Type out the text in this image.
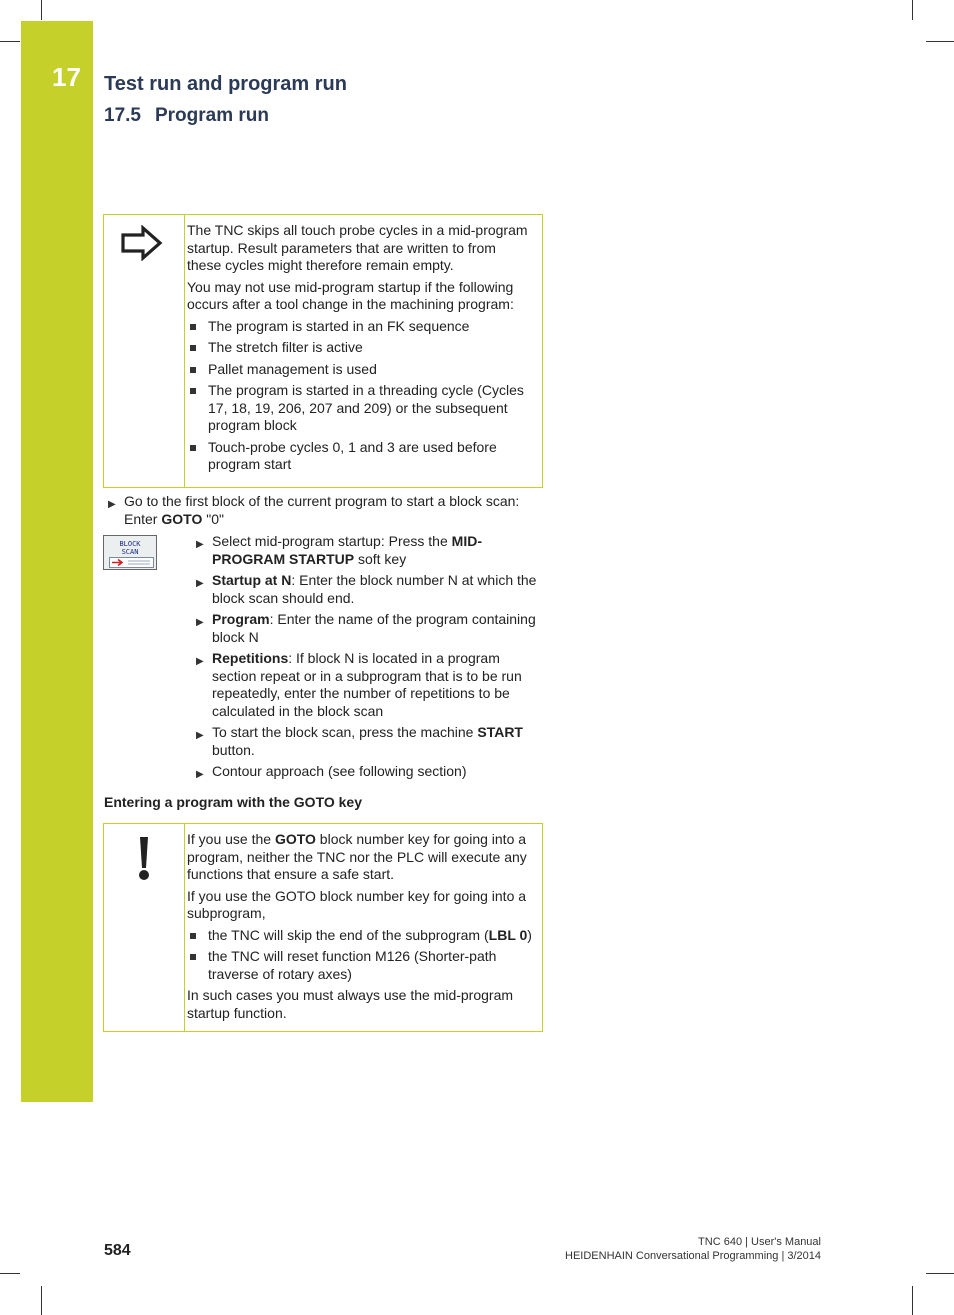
17 Test run and program run
17.5 Program run

The TNC skips all touch probe cycles in a mid-program startup. Result parameters that are written to from these cycles might therefore remain empty.

You may not use mid-program startup if the following occurs after a tool change in the machining program:

The program is started in an FK sequence
The stretch filter is active
Pallet management is used
The program is started in a threading cycle (Cycles 17, 18, 19, 206, 207 and 209) or the subsequent program block
Touch-probe cycles 0, 1 and 3 are used before program start
▶ Go to the first block of the current program to start a block scan: Enter GOTO "0"
BLOCK
SCAN
▶ Select mid-program startup: Press the MID-PROGRAM STARTUP soft key
▶ Startup at N: Enter the block number N at which the block scan should end.
▶ Program: Enter the name of the program containing block N
▶ Repetitions: If block N is located in a program section repeat or in a subprogram that is to be run repeatedly, enter the number of repetitions to be calculated in the block scan
▶ To start the block scan, press the machine START button.
▶ Contour approach (see following section)
Entering a program with the GOTO key

If you use the GOTO block number key for going into a program, neither the TNC nor the PLC will execute any functions that ensure a safe start.

If you use the GOTO block number key for going into a subprogram,

the TNC will skip the end of the subprogram (LBL 0)
the TNC will reset function M126 (Shorter-path traverse of rotary axes)

In such cases you must always use the mid-program startup function.

584	TNC 640 | User's Manual
HEIDENHAIN Conversational Programming | 3/2014
